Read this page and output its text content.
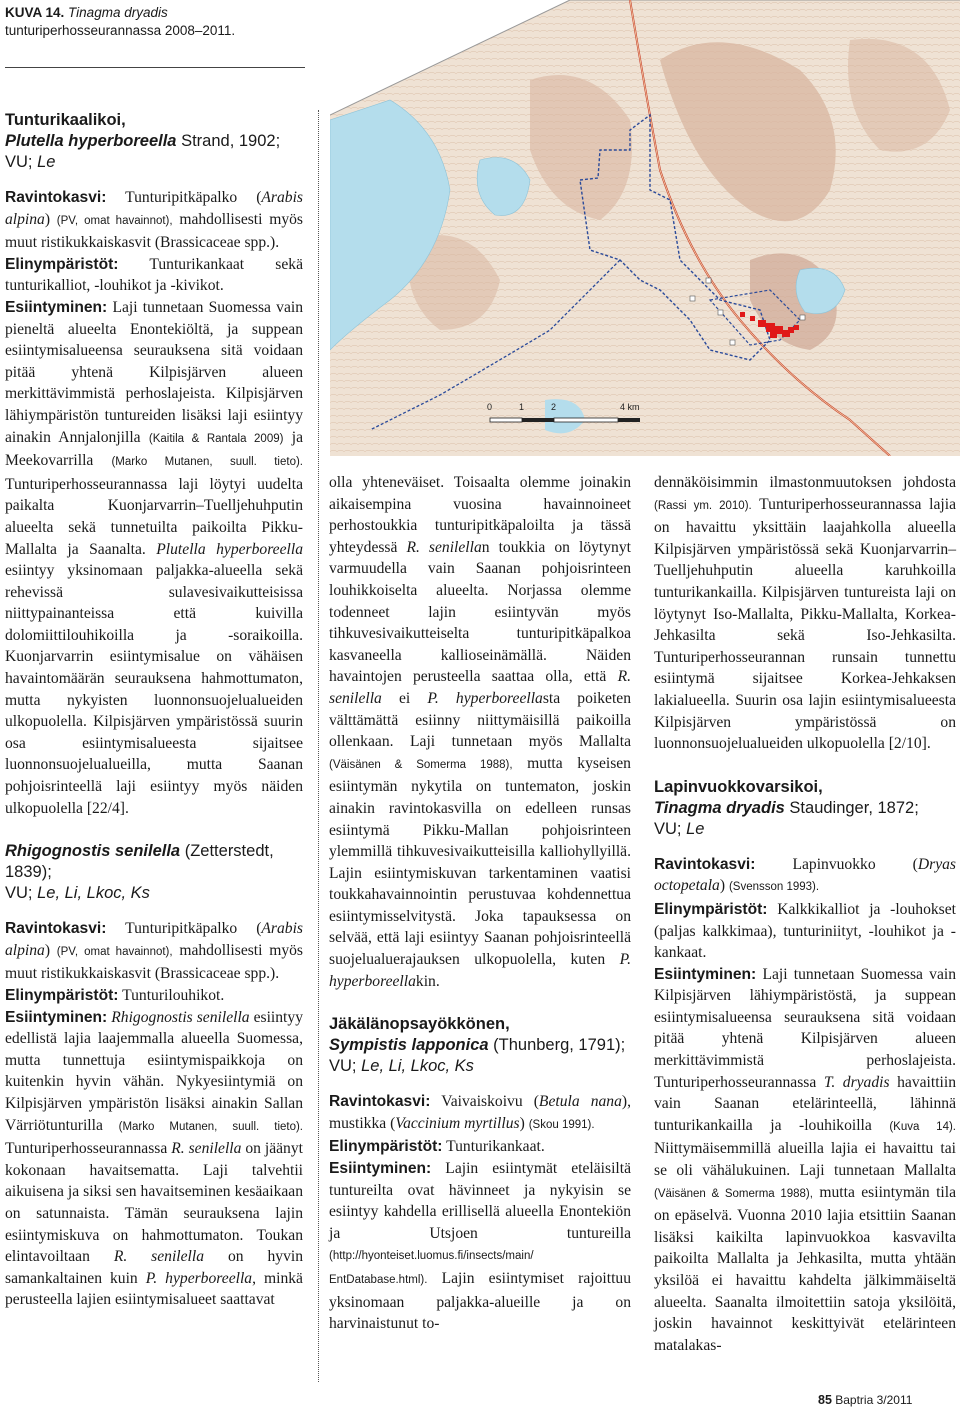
KUVA 14. Tinagma dryadis tunturiperhosseurannassa 2008–2011.
0	1	2	4 km
Tunturikaalikoi,
Plutella hyperboreella Strand, 1902;
VU; Le

Ravintokasvi: Tunturipitkäpalko (Arabis alpina) (PV, omat havainnot), mahdollisesti myös muut ristikukkaiskasvit (Brassicaceae spp.).

Elinympäristöt: Tunturikankaat sekä tunturikalliot, -louhikot ja -kivikot.

Esiintyminen: Laji tunnetaan Suomessa vain pieneltä alueelta Enontekiöltä, ja suppean esiintymisalueensa seurauksena sitä voidaan pitää yhtenä Kilpisjärven alueen merkittävimmistä perhoslajeista. Kilpisjärven lähiympäristön tuntureiden lisäksi laji esiintyy ainakin Annjalonjilla (Kaitila & Rantala 2009) ja Meekovarrilla (Marko Mutanen, suull. tieto). Tunturiperhosseurannassa laji löytyi uudelta paikalta Kuonjarvarrin–Tuelljehuhputin alueelta sekä tunnetuilta paikoilta Pikku-Mallalta ja Saanalta. Plutella hyperboreella esiintyy yksinomaan paljakka-alueella sekä rehevissä sulavesivaikutteisissa niittypainanteissa että kuivilla dolomiittilouhikoilla ja -soraikoilla. Kuonjarvarrin esiintymisalue on vähäisen havaintomäärän seurauksena hahmottumaton, mutta nykyisten luonnonsuojelualueiden ulkopuolella. Kilpisjärven ympäristössä suurin osa esiintymisalueesta sijaitsee luonnonsuojelualueilla, mutta Saanan pohjoisrinteellä laji esiintyy myös näiden ulkopuolella [22/4].

Rhigognostis senilella (Zetterstedt, 1839);
VU; Le, Li, Lkoc, Ks

Ravintokasvi: Tunturipitkäpalko (Arabis alpina) (PV, omat havainnot), mahdollisesti myös muut ristikukkaiskasvit (Brassicaceae spp.).

Elinympäristöt: Tunturilouhikot.

Esiintyminen: Rhigognostis senilella esiintyy edellistä lajia laajemmalla alueella Suomessa, mutta tunnettuja esiintymispaikkoja on kuitenkin hyvin vähän. Nykyesiintymiä on Kilpisjärven ympäristön lisäksi ainakin Sallan Värriötunturilla (Marko Mutanen, suull. tieto). Tunturiperhosseurannassa R. senilella on jäänyt kokonaan havaitsematta. Laji talvehtii aikuisena ja siksi sen havaitseminen kesäaikaan on satunnaista. Tämän seurauksena lajin esiintymiskuva on hahmottumaton. Toukan elintavoiltaan R. senilella on hyvin samankaltainen kuin P. hyperboreella, minkä perusteella lajien esiintymisalueet saattavat

olla yhteneväiset. Toisaalta olemme joinakin aikaisempina vuosina havainnoineet perhostoukkia tunturipitkäpaloilta ja tässä yhteydessä R. senilellan toukkia on löytynyt varmuudella vain Saanan pohjoisrinteen louhikkoiselta alueelta. Norjassa olemme todenneet lajin esiintyvän myös tihkuvesivaikutteiselta tunturipitkäpalkoa kasvaneella kallioseinämällä. Näiden havaintojen perusteella saattaa olla, että R. senilella ei P. hyperboreellasta poiketen välttämättä esiinny niittymäisillä paikoilla ollenkaan. Laji tunnetaan myös Mallalta (Väisänen & Somerma 1988), mutta kyseisen esiintymän nykytila on tuntematon, joskin ainakin ravintokasvilla on edelleen runsas esiintymä Pikku-Mallan pohjoisrinteen ylemmillä tihkuvesivaikutteisilla kalliohyllyillä. Lajin esiintymiskuvan tarkentaminen vaatisi toukkahavainnointin perustuvaa kohdennettua esiintymisselvitystä. Joka tapauksessa on selvää, että laji esiintyy Saanan pohjoisrinteellä suojelualuerajauksen ulkopuolella, kuten P. hyperboreellakin.

Jäkälänopsayökkönen,
Sympistis lapponica (Thunberg, 1791);
VU; Le, Li, Lkoc, Ks

Ravintokasvi: Vaivaiskoivu (Betula nana), mustikka (Vaccinium myrtillus) (Skou 1991).

Elinympäristöt: Tunturikankaat.

Esiintyminen: Lajin esiintymät eteläisiltä tuntureilta ovat hävinneet ja nykyisin se esiintyy kahdella erillisellä alueella Enontekiön ja Utsjoen tuntureilla (http://hyonteiset.luomus.fi/insects/main/ EntDatabase.html). Lajin esiintymiset rajoittuu yksinomaan paljakka-alueille ja on harvinaistunut to-

dennäköisimmin ilmastonmuutoksen johdosta (Rassi ym. 2010). Tunturiperhosseurannassa lajia on havaittu yksittäin laajahkolla alueella Kilpisjärven ympäristössä sekä Kuonjarvarrin–Tuelljehuhputin alueella karuhkoilla tunturikankailla. Kilpisjärven tuntureista laji on löytynyt Iso-Mallalta, Pikku-Mallalta, Korkea-Jehkasilta sekä Iso-Jehkasilta. Tunturiperhosseurannan runsain tunnettu esiintymä sijaitsee Korkea-Jehkaksen lakialueella. Suurin osa lajin esiintymisalueesta Kilpisjärven ympäristössä on luonnonsuojelualueiden ulkopuolella [2/10].

Lapinvuokkovarsikoi,
Tinagma dryadis Staudinger, 1872;
VU; Le

Ravintokasvi: Lapinvuokko (Dryas octopetala) (Svensson 1993).

Elinympäristöt: Kalkkikalliot ja -louhokset (paljas kalkkimaa), tunturiniityt, -louhikot ja -kankaat.

Esiintyminen: Laji tunnetaan Suomessa vain Kilpisjärven lähiympäristöstä, ja suppean esiintymisalueensa seurauksena sitä voidaan pitää yhtenä Kilpisjärven alueen merkittävimmistä perhoslajeista. Tunturiperhosseurannassa T. dryadis havaittiin vain Saanan etelärinteellä, lähinnä tunturikankailla ja -louhikoilla (Kuva 14). Niittymäisemmillä alueilla lajia ei havaittu tai se oli vähälukuinen. Laji tunnetaan Mallalta (Väisänen & Somerma 1988), mutta esiintymän tila on epäselvä. Vuonna 2010 lajia etsittiin Saanan lisäksi kaikilta lapinvuokkoa kasvavilta paikoilta Mallalta ja Jehkasilta, mutta yhtään yksilöä ei havaittu kahdelta jälkimmäiseltä alueelta. Saanalta ilmoitettiin satoja yksilöitä, joskin havainnot keskittyivät etelärinteen matalakas-

85 Baptria 3/2011
